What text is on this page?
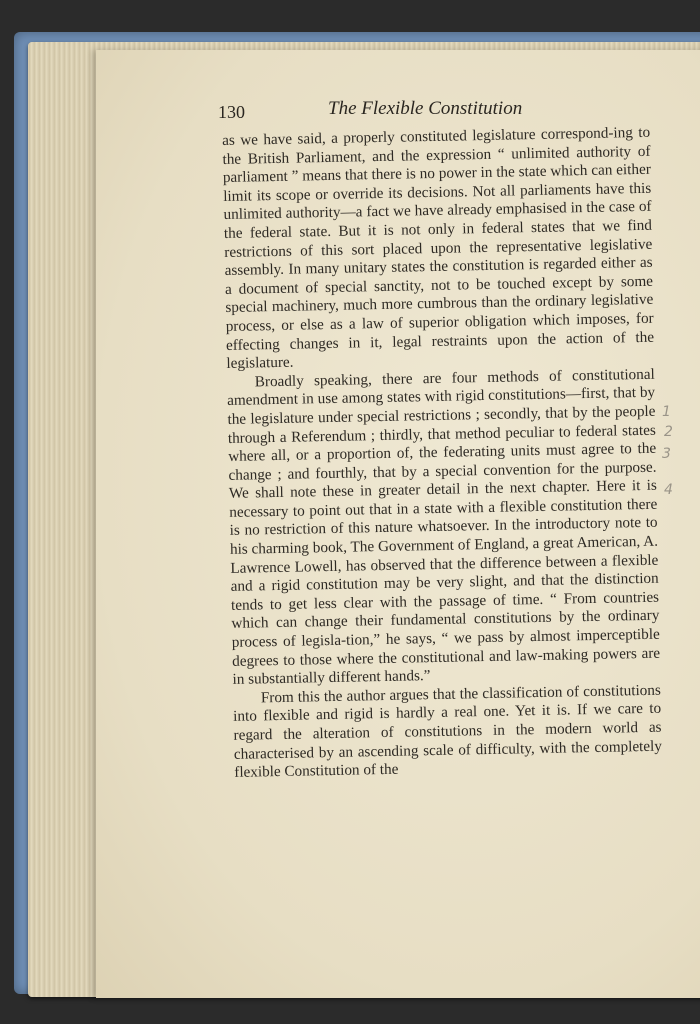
130	The Flexible Constitution

as we have said, a properly constituted legislature correspond-ing to the British Parliament, and the expression “ unlimited authority of parliament ” means that there is no power in the state which can either limit its scope or override its decisions. Not all parliaments have this unlimited authority—a fact we have already emphasised in the case of the federal state. But it is not only in federal states that we find restrictions of this sort placed upon the representative legislative assembly. In many unitary states the constitution is regarded either as a document of special sanctity, not to be touched except by some special machinery, much more cumbrous than the ordinary legislative process, or else as a law of superior obligation which imposes, for effecting changes in it, legal restraints upon the action of the legislature.

Broadly speaking, there are four methods of constitutional amendment in use among states with rigid constitutions—first, that by the legislature under special restrictions ; secondly, that by the people through a Referendum ; thirdly, that method peculiar to federal states where all, or a proportion of, the federating units must agree to the change ; and fourthly, that by a special convention for the purpose. We shall note these in greater detail in the next chapter. Here it is necessary to point out that in a state with a flexible constitution there is no restriction of this nature whatsoever. In the introductory note to his charming book, The Government of England, a great American, A. Lawrence Lowell, has observed that the difference between a flexible and a rigid constitution may be very slight, and that the distinction tends to get less clear with the passage of time. “ From countries which can change their fundamental constitutions by the ordinary process of legisla-tion,” he says, “ we pass by almost imperceptible degrees to those where the constitutional and law-making powers are in substantially different hands.”

From this the author argues that the classification of constitutions into flexible and rigid is hardly a real one. Yet it is. If we care to regard the alteration of constitutions in the modern world as characterised by an ascending scale of difficulty, with the completely flexible Constitution of the

1
2
3
4
